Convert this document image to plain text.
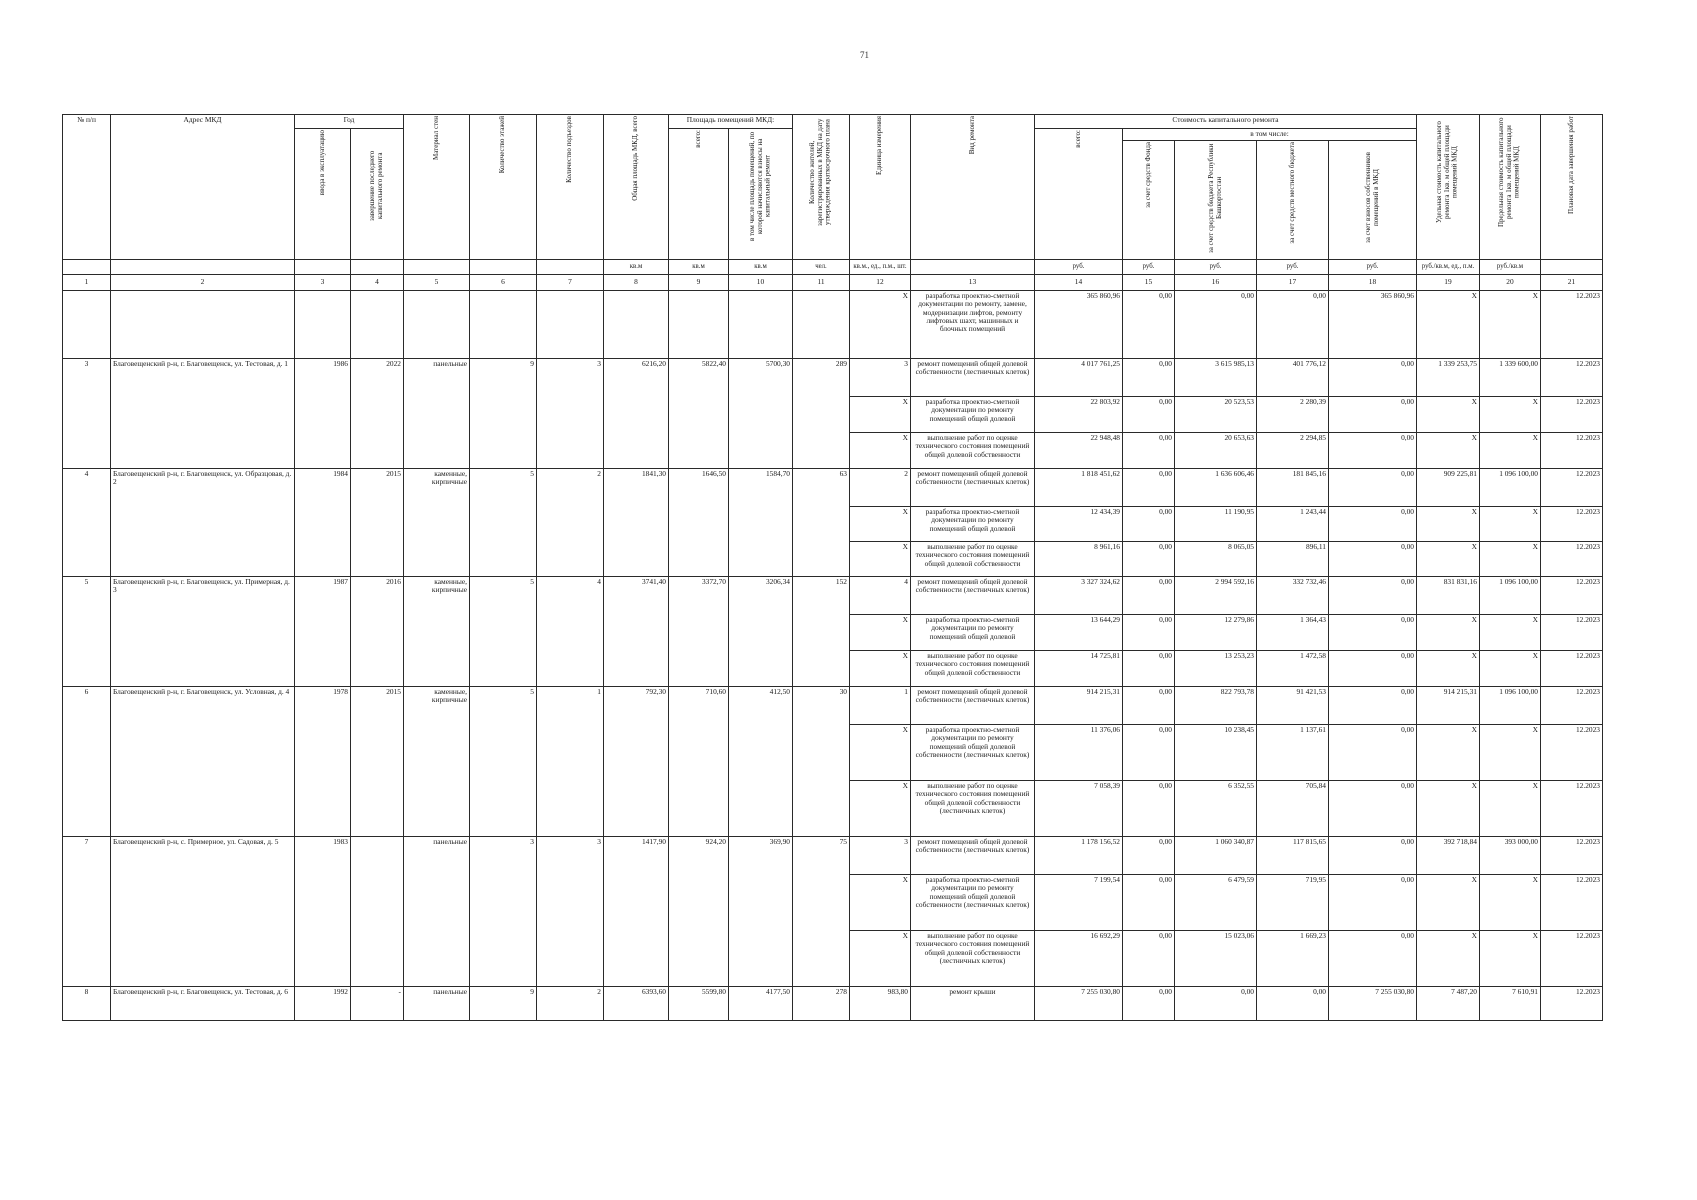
71
№ п/п	Адрес МКД	Год		Материал стен	Количество этажей	Количество подъездов	Общая площадь МКД, всего	Площадь помещений МКД:		Количество жителей, зарегистрированных в МКД на дату утверждения краткосрочного плана	Единица измерения	Вид ремонта	Стоимость капитального ремонта					Удельная стоимость капитального ремонта 1кв. м общей площади помещений МКД	Предельная стоимость капитального ремонта 1кв. м общей площади помещений МКД	Плановая дата завершения работ

		ввода в эксплуатацию	завершение последнего капитального ремонта					всего:	в том числе площадь помещений, по которой начисляются взносы на капитальный ремонт				всего:	в том числе:						

														за счет средств Фонда	за счет средств бюджета Республики Башкортостан	за счет средств местного бюджета	за счет взносов собственников помещений в МКД			

							кв.м	кв.м	кв.м	чел.	кв.м., ед., п.м., шт.		руб.	руб.	руб.	руб.	руб.	руб./кв.м, ед., п.м.	руб./кв.м	
1	2	3	4	5	6	7	8	9	10	11	12	13	14	15	16	17	18	19	20	21
											X	разработка проектно-сметной документации по ремонту, замене, модернизации лифтов, ремонту лифтовых шахт, машинных и блочных помещений	365 860,96	0,00	0,00	0,00	365 860,96	X	X	12.2023
3	Благовещенский р-н, г. Благовещенск, ул. Тестовая, д. 1	1986	2022	панельные	9	3	6216,20	5822,40	5700,30	289	3	ремонт помещений общей долевой собственности (лестничных клеток)	4 017 761,25	0,00	3 615 985,13	401 776,12	0,00	1 339 253,75	1 339 600,00	12.2023
											X	разработка проектно-сметной документации по ремонту помещений общей долевой	22 803,92	0,00	20 523,53	2 280,39	0,00	X	X	12.2023
											X	выполнение работ по оценке технического состояния помещений общей долевой собственности	22 948,48	0,00	20 653,63	2 294,85	0,00	X	X	12.2023
4	Благовещенский р-н, г. Благовещенск, ул. Образцовая, д. 2	1984	2015	каменные, кирпичные	5	2	1841,30	1646,50	1584,70	63	2	ремонт помещений общей долевой собственности (лестничных клеток)	1 818 451,62	0,00	1 636 606,46	181 845,16	0,00	909 225,81	1 096 100,00	12.2023
											X	разработка проектно-сметной документации по ремонту помещений общей долевой	12 434,39	0,00	11 190,95	1 243,44	0,00	X	X	12.2023
											X	выполнение работ по оценке технического состояния помещений общей долевой собственности	8 961,16	0,00	8 065,05	896,11	0,00	X	X	12.2023
5	Благовещенский р-н, г. Благовещенск, ул. Примерная, д. 3	1987	2016	каменные, кирпичные	5	4	3741,40	3372,70	3206,34	152	4	ремонт помещений общей долевой собственности (лестничных клеток)	3 327 324,62	0,00	2 994 592,16	332 732,46	0,00	831 831,16	1 096 100,00	12.2023
											X	разработка проектно-сметной документации по ремонту помещений общей долевой	13 644,29	0,00	12 279,86	1 364,43	0,00	X	X	12.2023
											X	выполнение работ по оценке технического состояния помещений общей долевой собственности	14 725,81	0,00	13 253,23	1 472,58	0,00	X	X	12.2023
6	Благовещенский р-н, г. Благовещенск, ул. Условная, д. 4	1978	2015	каменные, кирпичные	5	1	792,30	710,60	412,50	30	1	ремонт помещений общей долевой собственности (лестничных клеток)	914 215,31	0,00	822 793,78	91 421,53	0,00	914 215,31	1 096 100,00	12.2023
											X	разработка проектно-сметной документации по ремонту помещений общей долевой собственности (лестничных клеток)	11 376,06	0,00	10 238,45	1 137,61	0,00	X	X	12.2023
											X	выполнение работ по оценке технического состояния помещений общей долевой собственности (лестничных клеток)	7 058,39	0,00	6 352,55	705,84	0,00	X	X	12.2023
7	Благовещенский р-н, с. Примерное, ул. Садовая, д. 5	1983		панельные	3	3	1417,90	924,20	369,90	75	3	ремонт помещений общей долевой собственности (лестничных клеток)	1 178 156,52	0,00	1 060 340,87	117 815,65	0,00	392 718,84	393 000,00	12.2023
											X	разработка проектно-сметной документации по ремонту помещений общей долевой собственности (лестничных клеток)	7 199,54	0,00	6 479,59	719,95	0,00	X	X	12.2023
											X	выполнение работ по оценке технического состояния помещений общей долевой собственности (лестничных клеток)	16 692,29	0,00	15 023,06	1 669,23	0,00	X	X	12.2023
8	Благовещенский р-н, г. Благовещенск, ул. Тестовая, д. 6	1992	-	панельные	9	2	6393,60	5599,80	4177,50	278	983,80	ремонт крыши	7 255 030,80	0,00	0,00	0,00	7 255 030,80	7 487,20	7 610,91	12.2023
